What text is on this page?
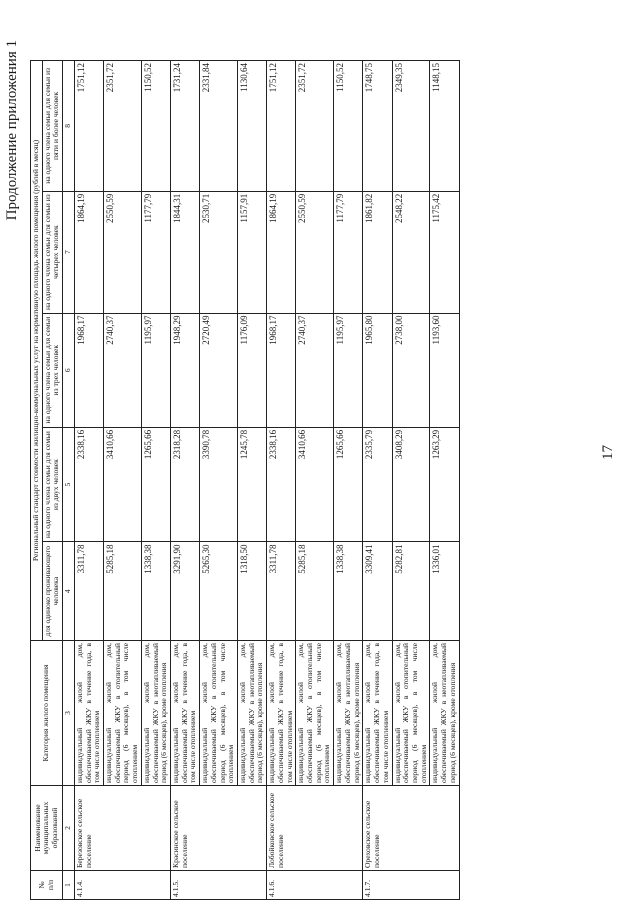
Продолжение приложения 1
№
п/п	Наименование муниципальных образований	Категория жилого помещения	Региональный стандарт стоимости жилищно-коммунальных услуг на нормативную площадь жилого помещения (рублей в месяц)				
			для одиноко проживающего человека	на одного члена семьи для семьи из двух человек	на одного члена семьи для семьи из трех человек	на одного члена семьи для семьи из четырех человек	на одного члена семьи для семьи из пяти и более человек
1	2	3	4	5	6	7	8
4.1.4.	Березовское сельское поселение	индивидуальный жилой дом, обеспечиваемый ЖКУ в течение года, в том числе отоплением	3311,78	2338,16	1968,17	1864,19	1751,12
		индивидуальный жилой дом, обеспечиваемый ЖКУ в отопительный период (6 месяцев), в том числе отоплением	5285,18	3410,66	2740,37	2550,59	2351,72
		индивидуальный жилой дом, обеспечиваемый ЖКУ в неотапливаемый период (6 месяцев), кроме отопления	1338,38	1265,66	1195,97	1177,79	1150,52
4.1.5.	Красинское сельское поселение	индивидуальный жилой дом, обеспечиваемый ЖКУ в течение года, в том числе отоплением	3291,90	2318,28	1948,29	1844,31	1731,24
		индивидуальный жилой дом, обеспечиваемый ЖКУ в отопительный период (6 месяцев), в том числе отоплением	5265,30	3390,78	2720,49	2530,71	2331,84
		индивидуальный жилой дом, обеспечиваемый ЖКУ в неотапливаемый период (6 месяцев), кроме отопления	1318,50	1245,78	1176,09	1157,91	1130,64
4.1.6.	Лобойковское сельское поселение	индивидуальный жилой дом, обеспечиваемый ЖКУ в течение года, в том числе отоплением	3311,78	2338,16	1968,17	1864,19	1751,12
		индивидуальный жилой дом, обеспечиваемый ЖКУ в отопительный период (6 месяцев), в том числе отоплением	5285,18	3410,66	2740,37	2550,59	2351,72
		индивидуальный жилой дом, обеспечиваемый ЖКУ в неотапливаемый период (6 месяцев), кроме отопления	1338,38	1265,66	1195,97	1177,79	1150,52
4.1.7.	Ореховское сельское поселение	индивидуальный жилой дом, обеспечиваемый ЖКУ в течение года, в том числе отоплением	3309,41	2335,79	1965,80	1861,82	1748,75
		индивидуальный жилой дом, обеспечиваемый ЖКУ в отопительный период (6 месяцев), в том числе отоплением	5282,81	3408,29	2738,00	2548,22	2349,35
		индивидуальный жилой дом, обеспечиваемый ЖКУ в неотапливаемый период (6 месяцев), кроме отопления	1336,01	1263,29	1193,60	1175,42	1148,15
17
